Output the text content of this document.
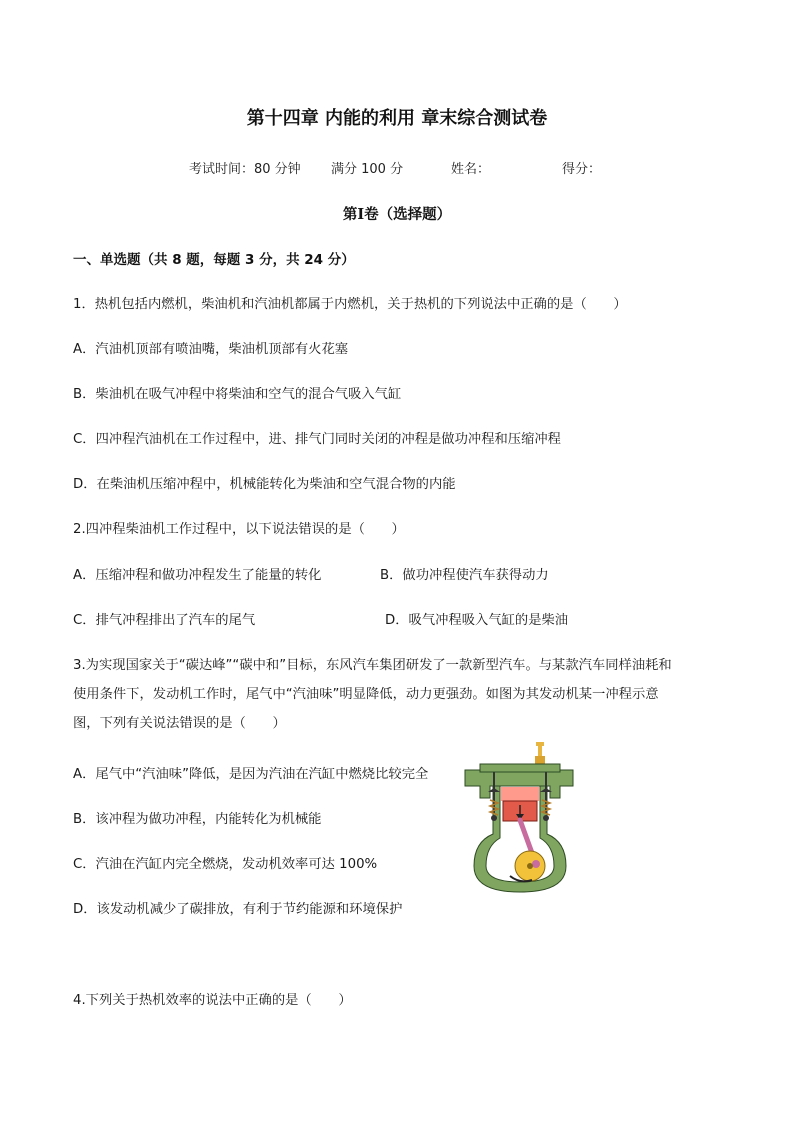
第十四章 内能的利用 章末综合测试卷
考试时间：80 分钟 满分 100 分	姓名：	得分：
第Ⅰ卷（选择题）
一、单选题（共 8 题，每题 3 分，共 24 分）
1．热机包括内燃机，柴油机和汽油机都属于内燃机，关于热机的下列说法中正确的是（　　）
A．汽油机顶部有喷油嘴，柴油机顶部有火花塞
B．柴油机在吸气冲程中将柴油和空气的混合气吸入气缸
C．四冲程汽油机在工作过程中，进、排气门同时关闭的冲程是做功冲程和压缩冲程
D．在柴油机压缩冲程中，机械能转化为柴油和空气混合物的内能
2.四冲程柴油机工作过程中，以下说法错误的是（　　）
A．压缩冲程和做功冲程发生了能量的转化	B．做功冲程使汽车获得动力
C．排气冲程排出了汽车的尾气	D．吸气冲程吸入气缸的是柴油
3.为实现国家关于“碳达峰”“碳中和”目标，东风汽车集团研发了一款新型汽车。与某款汽车同样油耗和
使用条件下，发动机工作时，尾气中“汽油味”明显降低，动力更强劲。如图为其发动机某一冲程示意
图，下列有关说法错误的是（　　）
A．尾气中“汽油味”降低，是因为汽油在汽缸中燃烧比较完全
B．该冲程为做功冲程，内能转化为机械能
C．汽油在汽缸内完全燃烧，发动机效率可达 100%
D．该发动机减少了碳排放，有利于节约能源和环境保护
4.下列关于热机效率的说法中正确的是（　　）
